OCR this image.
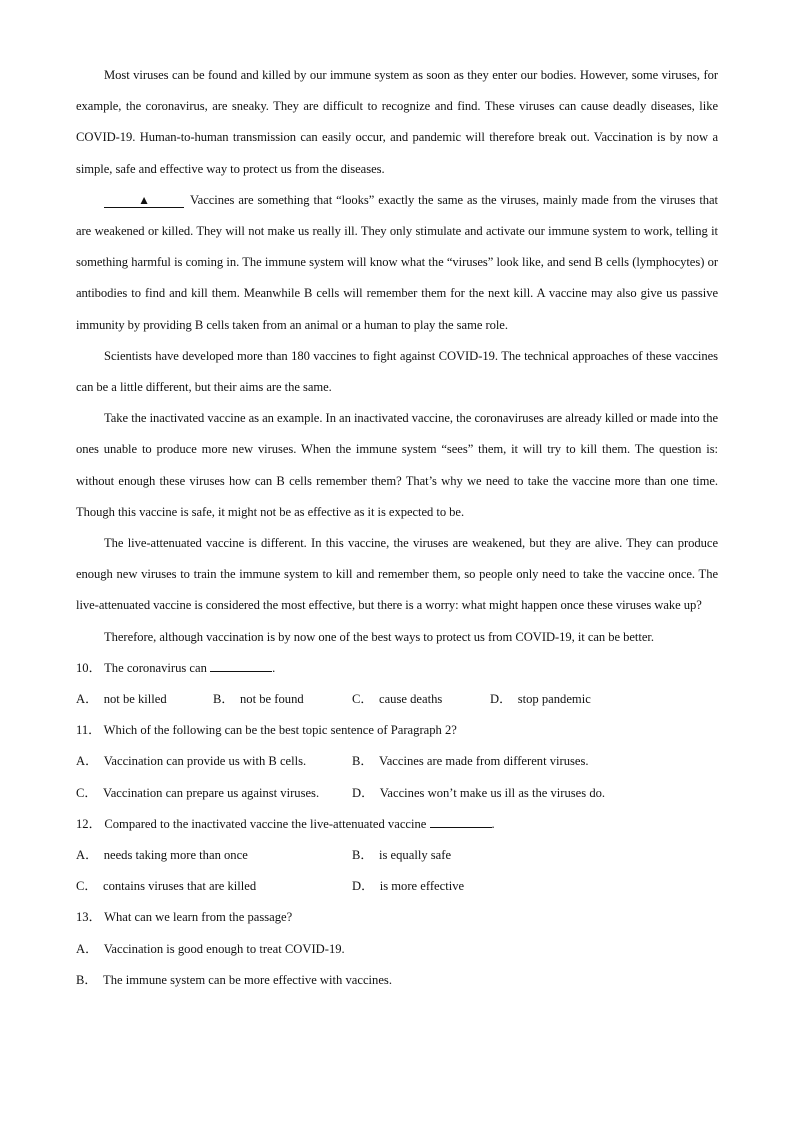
Most viruses can be found and killed by our immune system as soon as they enter our bodies. However, some viruses, for example, the coronavirus, are sneaky. They are difficult to recognize and find. These viruses can cause deadly diseases, like COVID-19. Human-to-human transmission can easily occur, and pandemic will therefore break out. Vaccination is by now a simple, safe and effective way to protect us from the diseases.

▲	Vaccines are something that “looks” exactly the same as the viruses, mainly made from the viruses that are weakened or killed. They will not make us really ill. They only stimulate and activate our immune system to work, telling it something harmful is coming in. The immune system will know what the “viruses” look like, and send B cells (lymphocytes) or antibodies to find and kill them. Meanwhile B cells will remember them for the next kill. A vaccine may also give us passive immunity by providing B cells taken from an animal or a human to play the same role.

Scientists have developed more than 180 vaccines to fight against COVID-19. The technical approaches of these vaccines can be a little different, but their aims are the same.

Take the inactivated vaccine as an example. In an inactivated vaccine, the coronaviruses are already killed or made into the ones unable to produce more new viruses. When the immune system “sees” them, it will try to kill them. The question is: without enough these viruses how can B cells remember them? That’s why we need to take the vaccine more than one time. Though this vaccine is safe, it might not be as effective as it is expected to be.

The live-attenuated vaccine is different. In this vaccine, the viruses are weakened, but they are alive. They can produce enough new viruses to train the immune system to kill and remember them, so people only need to take the vaccine once. The live-attenuated vaccine is considered the most effective, but there is a worry: what might happen once these viruses wake up?

Therefore, although vaccination is by now one of the best ways to protect us from COVID-19, it can be better.

10． The coronavirus can	.

A． not be killed	B． not be found	C． cause deaths	D． stop pandemic

11． Which of the following can be the best topic sentence of Paragraph 2?

A． Vaccination can provide us with B cells.	B． Vaccines are made from different viruses.
C． Vaccination can prepare us against viruses.	D． Vaccines won’t make us ill as the viruses do.

12． Compared to the inactivated vaccine the live-attenuated vaccine	.

A． needs taking more than once	B． is equally safe
C． contains viruses that are killed	D． is more effective

13． What can we learn from the passage?

A． Vaccination is good enough to treat COVID-19.
B． The immune system can be more effective with vaccines.
